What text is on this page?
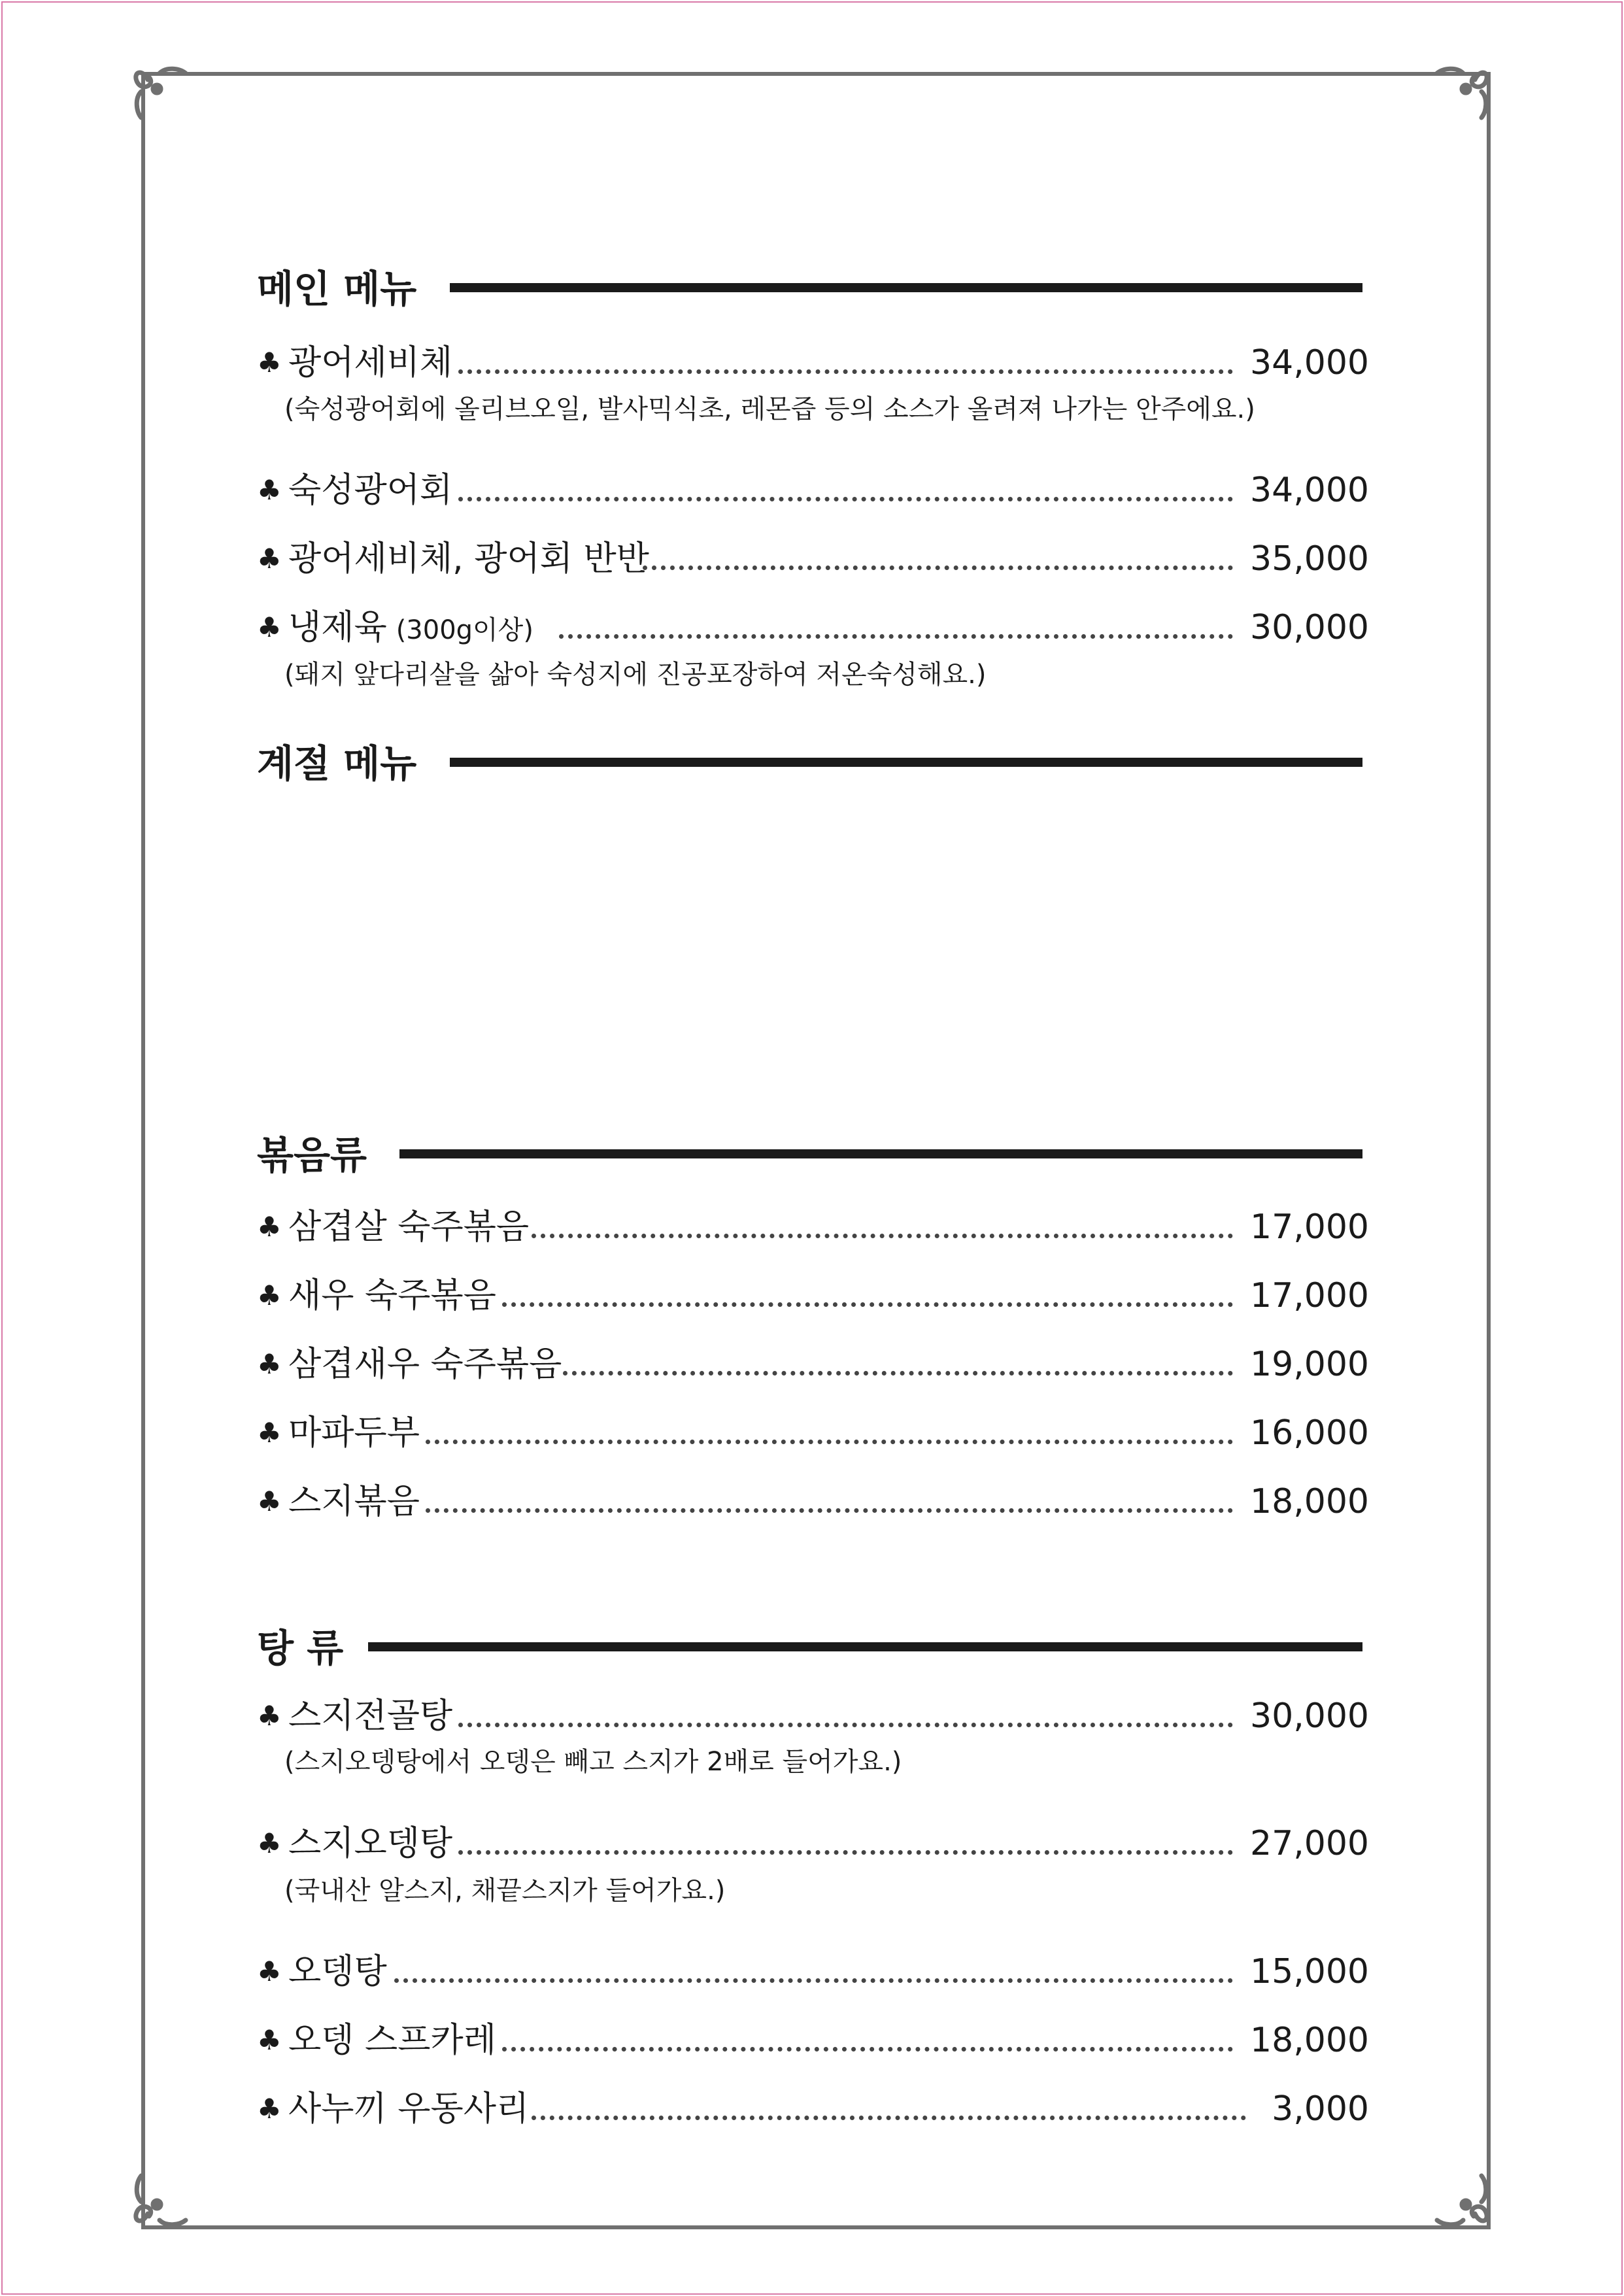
메인 메뉴
♣ 광어세비체	34,000
(숙성광어회에 올리브오일, 발사믹식초, 레몬즙 등의 소스가 올려져 나가는 안주에요.)
♣ 숙성광어회	34,000
♣ 광어세비체, 광어회 반반	35,000
♣ 냉제육 (300g이상)	30,000
(돼지 앞다리살을 삶아 숙성지에 진공포장하여 저온숙성해요.)
계절 메뉴
볶음류
♣ 삼겹살 숙주볶음	17,000
♣ 새우 숙주볶음	17,000
♣ 삼겹새우 숙주볶음	19,000
♣ 마파두부	16,000
♣ 스지볶음	18,000
탕 류
♣ 스지전골탕	30,000
(스지오뎅탕에서 오뎅은 빼고 스지가 2배로 들어가요.)
♣ 스지오뎅탕	27,000
(국내산 알스지, 채끝스지가 들어가요.)
♣ 오뎅탕	15,000
♣ 오뎅 스프카레	18,000
♣ 사누끼 우동사리	3,000
